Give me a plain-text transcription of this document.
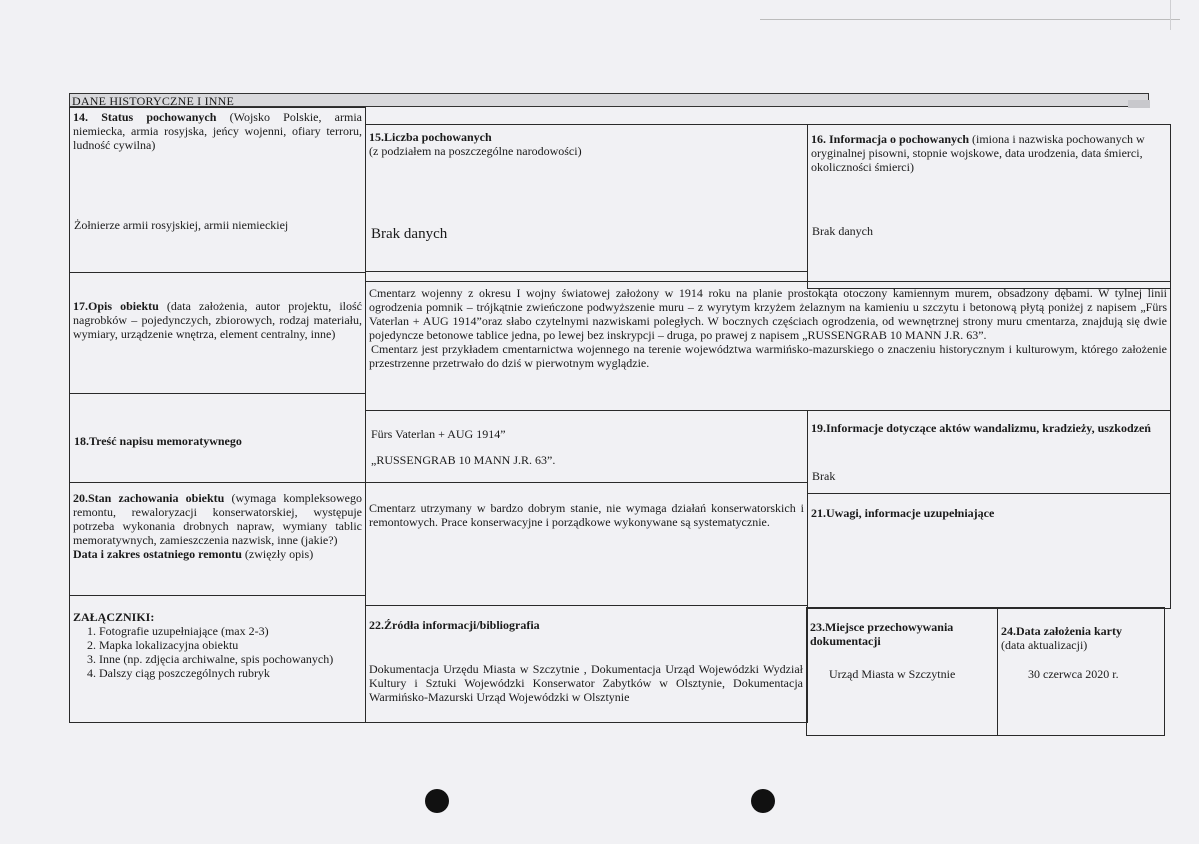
DANE HISTORYCZNE I INNE
14. Status pochowanych (Wojsko Polskie, armia niemiecka, armia rosyjska, jeńcy wojenni, ofiary terroru, ludność cywilna)
Żołnierze armii rosyjskiej, armii niemieckiej
15.Liczba pochowanych
(z podziałem na poszczególne narodowości)
Brak danych
16. Informacja o pochowanych (imiona i nazwiska pochowanych w oryginalnej pisowni, stopnie wojskowe, data urodzenia, data śmierci, okoliczności śmierci)
Brak danych
17.Opis obiektu (data założenia, autor projektu, ilość nagrobków – pojedynczych, zbiorowych, rodzaj materiału, wymiary, urządzenie wnętrza, element centralny, inne)
Cmentarz wojenny z okresu I wojny światowej założony w 1914 roku na planie prostokąta otoczony kamiennym murem, obsadzony dębami. W tylnej linii ogrodzenia pomnik – trójkątnie zwieńczone podwyższenie muru – z wyrytym krzyżem żelaznym na kamieniu u szczytu i betonową płytą poniżej z napisem „Fürs Vaterlan + AUG 1914”oraz słabo czytelnymi nazwiskami poległych. W bocznych częściach ogrodzenia, od wewnętrznej strony muru cmentarza, znajdują się dwie pojedyncze betonowe tablice jedna, po lewej bez inskrypcji – druga, po prawej z napisem „RUSSENGRAB 10 MANN J.R. 63”.
Cmentarz jest przykładem cmentarnictwa wojennego na terenie województwa warmińsko-mazurskiego o znaczeniu historycznym i kulturowym, którego założenie przestrzenne przetrwało do dziś w pierwotnym wyglądzie.
18.Treść napisu memoratywnego	Fürs Vaterlan + AUG 1914”
„RUSSENGRAB 10 MANN J.R. 63”.
19.Informacje dotyczące aktów wandalizmu, kradzieży, uszkodzeń
Brak
20.Stan zachowania obiektu (wymaga kompleksowego remontu, rewaloryzacji konserwatorskiej, występuje potrzeba wykonania drobnych napraw, wymiany tablic memoratywnych, zamieszczenia nazwisk, inne (jakie?)
Data i zakres ostatniego remontu (zwięzły opis)
Cmentarz utrzymany w bardzo dobrym stanie, nie wymaga działań konserwatorskich i remontowych. Prace konserwacyjne i porządkowe wykonywane są systematycznie.
21.Uwagi, informacje uzupełniające
ZAŁĄCZNIKI:
1. Fotografie uzupełniające (max 2-3)
2. Mapka lokalizacyjna obiektu
3. Inne (np. zdjęcia archiwalne, spis pochowanych)
4. Dalszy ciąg poszczególnych rubryk
22.Źródła informacji/bibliografia
Dokumentacja Urzędu Miasta w Szczytnie , Dokumentacja Urząd Wojewódzki Wydział Kultury i Sztuki Wojewódzki Konserwator Zabytków w Olsztynie, Dokumentacja Warmińsko-Mazurski Urząd Wojewódzki w Olsztynie
23.Miejsce przechowywania dokumentacji
Urząd Miasta w Szczytnie
24.Data założenia karty
(data aktualizacji)
30 czerwca 2020 r.
